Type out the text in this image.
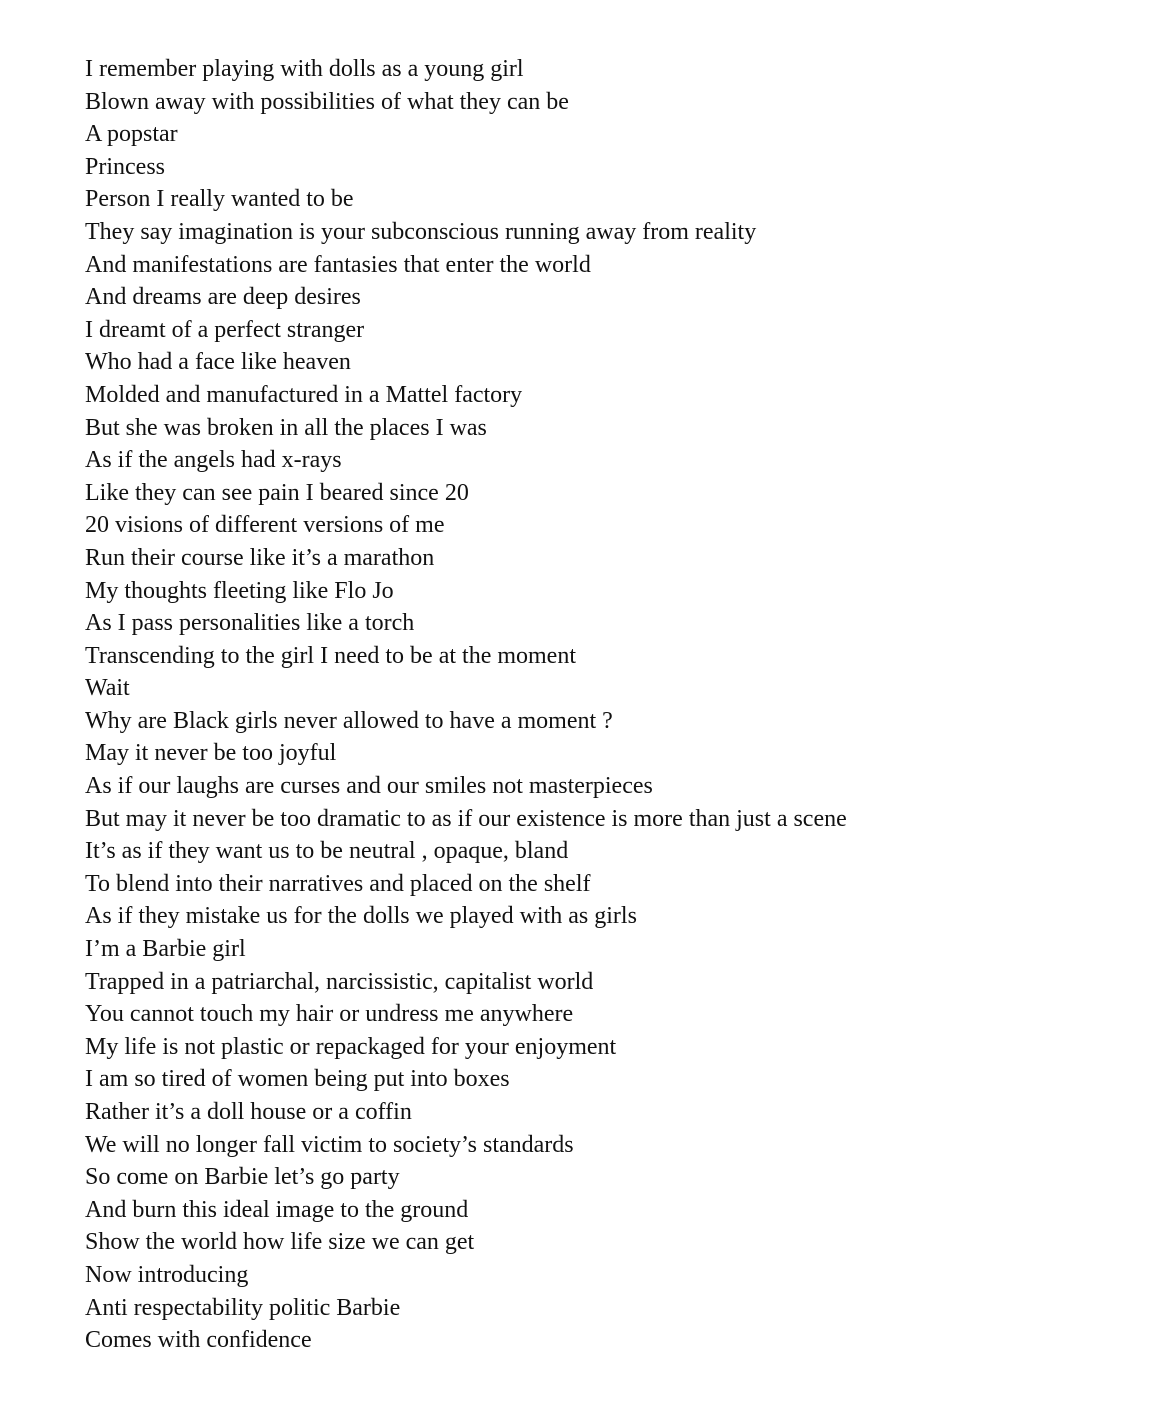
I remember playing with dolls as a young girl
Blown away with possibilities of what they can be
A popstar
Princess
Person I really wanted to be
They say imagination is your subconscious running away from reality
And manifestations are fantasies that enter the world
And dreams are deep desires
I dreamt of a perfect stranger
Who had a face like heaven
Molded and manufactured in a Mattel factory
But she was broken in all the places I was
As if the angels had x-rays
Like they can see pain I beared since 20
20 visions of different versions of me
Run their course like it’s a marathon
My thoughts fleeting like Flo Jo
As I pass personalities like a torch
Transcending to the girl I need to be at the moment
Wait
Why are Black girls never allowed to have a moment ?
May it never be too joyful
As if our laughs are curses and our smiles not masterpieces
But may it never be too dramatic to as if our existence is more than just a scene
It’s as if they want us to be neutral , opaque, bland
To blend into their narratives and placed on the shelf
As if they mistake us for the dolls we played with as girls
I’m a Barbie girl
Trapped in a patriarchal, narcissistic, capitalist world
You cannot touch my hair or undress me anywhere
My life is not plastic or repackaged for your enjoyment
I am so tired of women being put into boxes
Rather it’s a doll house or a coffin
We will no longer fall victim to society’s standards
So come on Barbie let’s go party
And burn this ideal image to the ground
Show the world how life size we can get
Now introducing
Anti respectability politic Barbie
Comes with confidence
